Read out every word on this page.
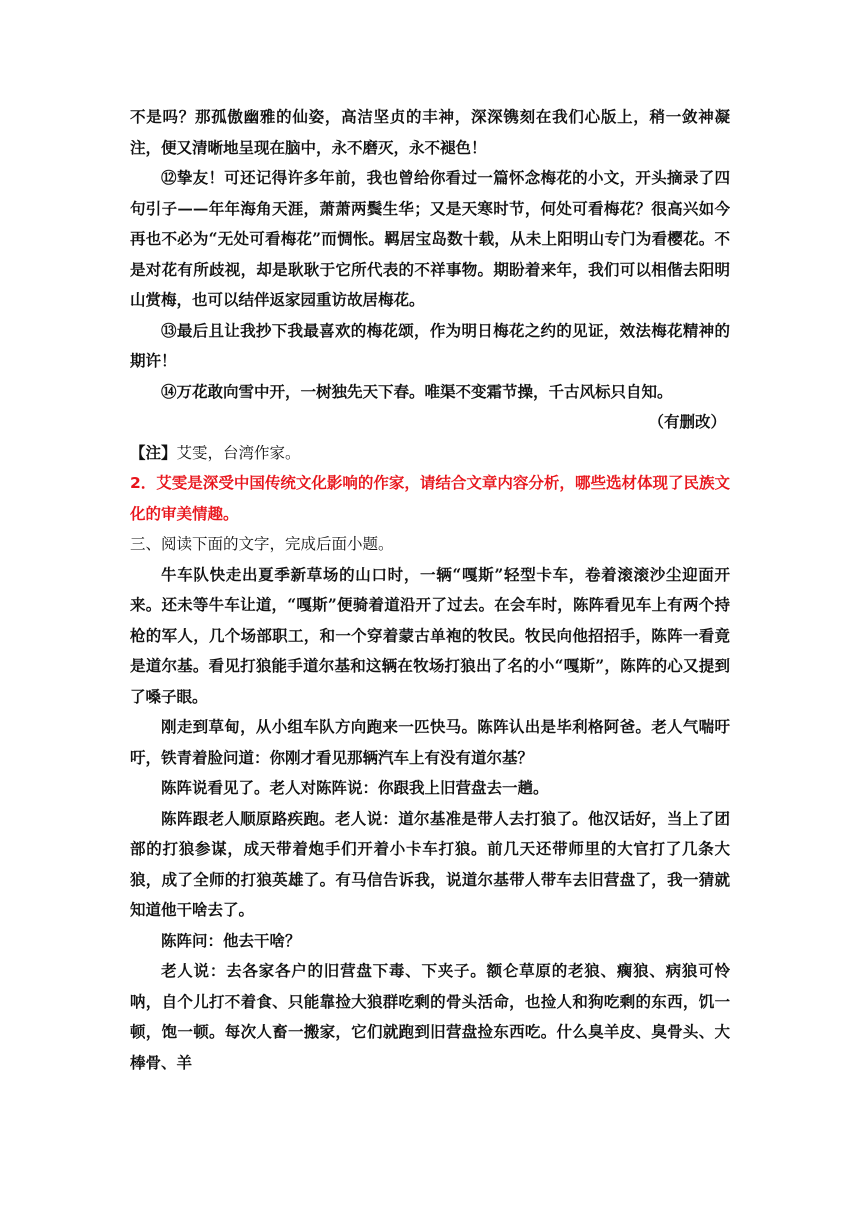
不是吗？那孤傲幽雅的仙姿，高洁坚贞的丰神，深深镌刻在我们心版上，稍一敛神凝注，便又清晰地呈现在脑中，永不磨灭，永不褪色！

⑫挚友！可还记得许多年前，我也曾给你看过一篇怀念梅花的小文，开头摘录了四句引子——年年海角天涯，萧萧两鬓生华；又是天寒时节，何处可看梅花？很高兴如今再也不必为“无处可看梅花”而惆怅。羁居宝岛数十载，从未上阳明山专门为看樱花。不是对花有所歧视，却是耿耿于它所代表的不祥事物。期盼着来年，我们可以相偕去阳明山赏梅，也可以结伴返家园重访故居梅花。

⑬最后且让我抄下我最喜欢的梅花颂，作为明日梅花之约的见证，效法梅花精神的期许！

⑭万花敢向雪中开，一树独先天下春。唯渠不变霜节操，千古风标只自知。

（有删改）

【注】艾雯，台湾作家。

2．艾雯是深受中国传统文化影响的作家，请结合文章内容分析，哪些选材体现了民族文化的审美情趣。

三、阅读下面的文字，完成后面小题。

牛车队快走出夏季新草场的山口时，一辆“嘎斯”轻型卡车，卷着滚滚沙尘迎面开来。还未等牛车让道，“嘎斯”便骑着道沿开了过去。在会车时，陈阵看见车上有两个持枪的军人，几个场部职工，和一个穿着蒙古单袍的牧民。牧民向他招招手，陈阵一看竟是道尔基。看见打狼能手道尔基和这辆在牧场打狼出了名的小“嘎斯”，陈阵的心又提到了嗓子眼。

刚走到草甸，从小组车队方向跑来一匹快马。陈阵认出是毕利格阿爸。老人气喘吁吁，铁青着脸问道：你刚才看见那辆汽车上有没有道尔基？

陈阵说看见了。老人对陈阵说：你跟我上旧营盘去一趟。

陈阵跟老人顺原路疾跑。老人说：道尔基准是带人去打狼了。他汉话好，当上了团部的打狼参谋，成天带着炮手们开着小卡车打狼。前几天还带师里的大官打了几条大狼，成了全师的打狼英雄了。有马信告诉我，说道尔基带人带车去旧营盘了，我一猜就知道他干啥去了。

陈阵问：他去干啥？

老人说：去各家各户的旧营盘下毒、下夹子。额仑草原的老狼、瘸狼、病狼可怜呐，自个儿打不着食、只能靠捡大狼群吃剩的骨头活命，也捡人和狗吃剩的东西，饥一顿，饱一顿。每次人畜一搬家，它们就跑到旧营盘捡东西吃。什么臭羊皮、臭骨头、大棒骨、羊
